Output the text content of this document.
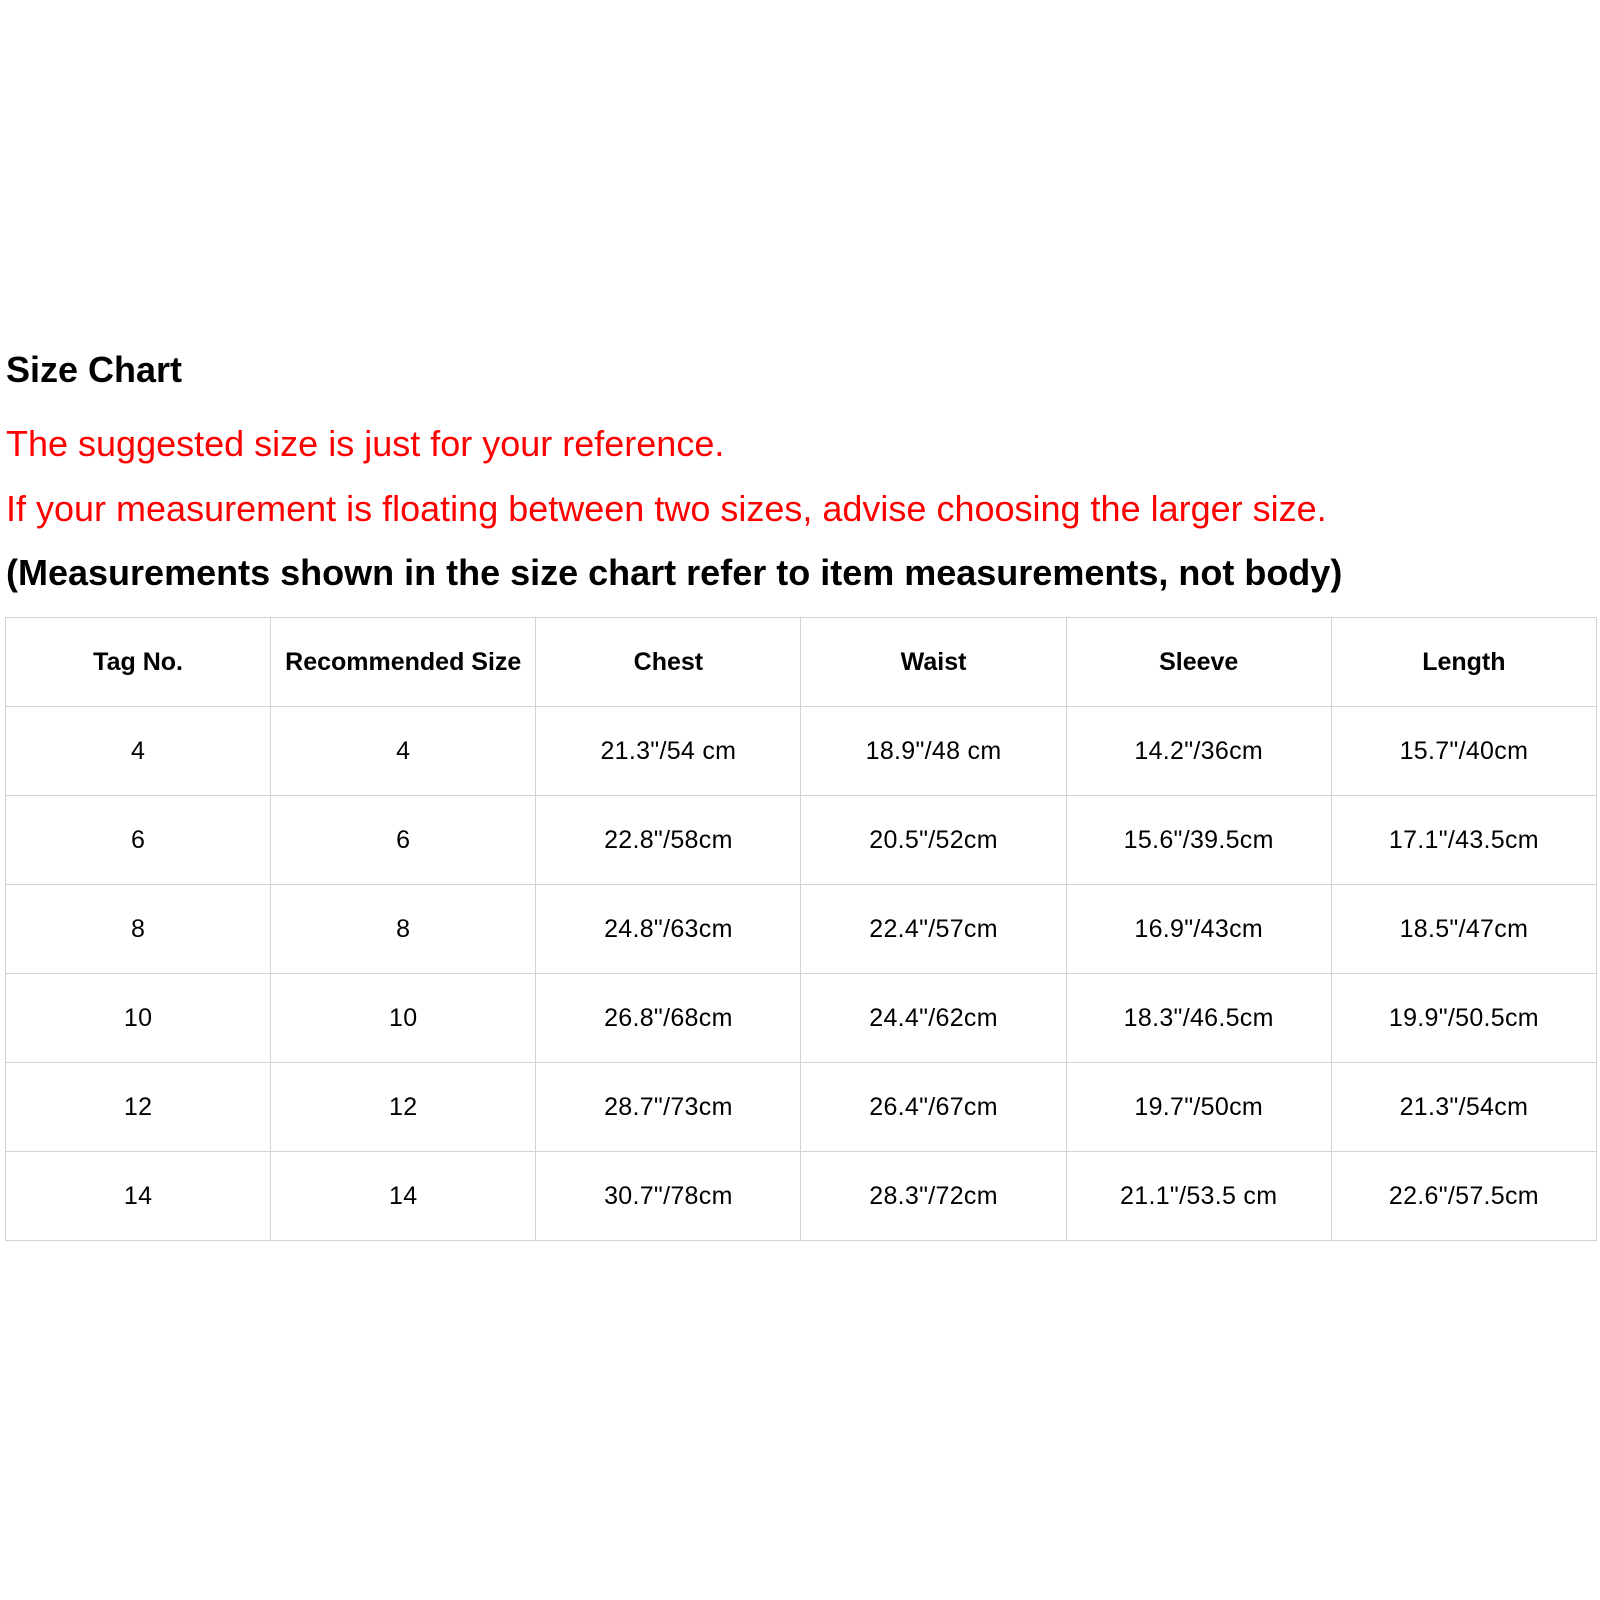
Size Chart
The suggested size is just for your reference.
If your measurement is floating between two sizes, advise choosing the larger size.
(Measurements shown in the size chart refer to item measurements, not body)
Tag No.	Recommended Size	Chest	Waist	Sleeve	Length
4	4	21.3"/54 cm	18.9"/48 cm	14.2"/36cm	15.7"/40cm
6	6	22.8"/58cm	20.5"/52cm	15.6"/39.5cm	17.1"/43.5cm
8	8	24.8"/63cm	22.4"/57cm	16.9"/43cm	18.5"/47cm
10	10	26.8"/68cm	24.4"/62cm	18.3"/46.5cm	19.9"/50.5cm
12	12	28.7"/73cm	26.4"/67cm	19.7"/50cm	21.3"/54cm
14	14	30.7"/78cm	28.3"/72cm	21.1"/53.5 cm	22.6"/57.5cm
